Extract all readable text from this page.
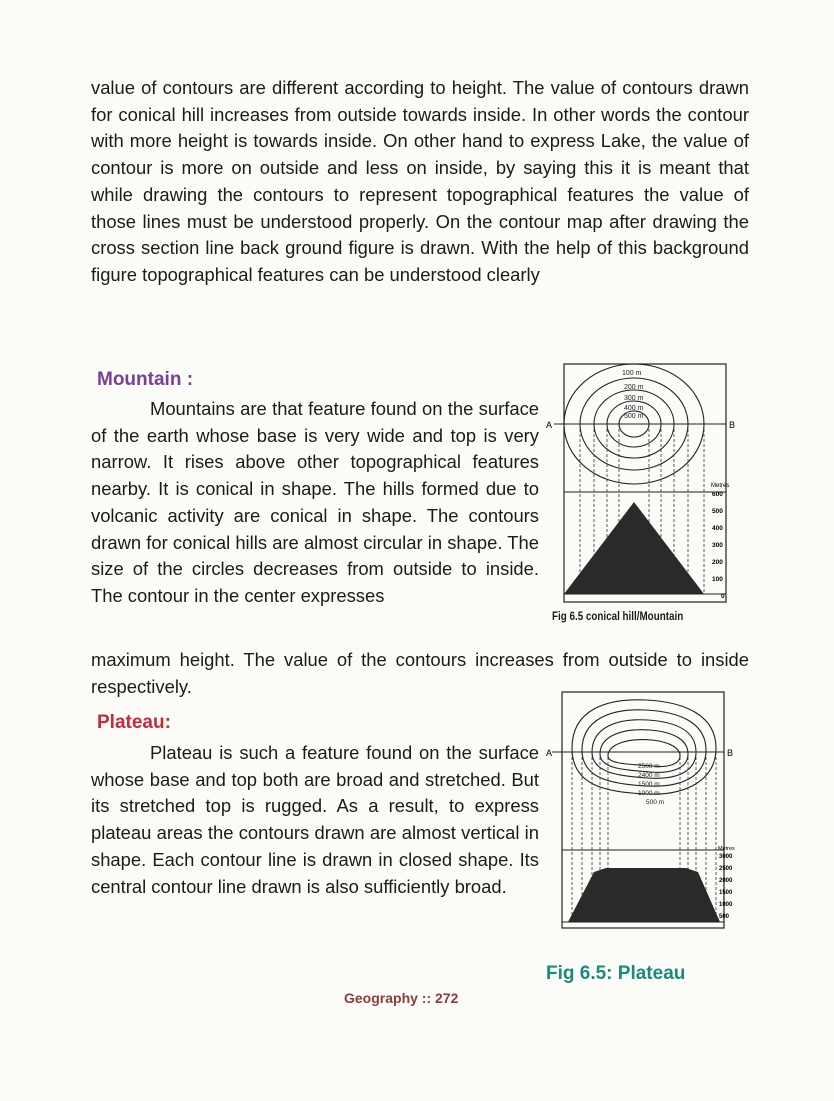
value of contours are different according to height. The value of contours drawn for conical hill increases from outside towards inside. In other words the contour with more height is towards inside. On other hand to express Lake, the value of contour is more on outside and less on inside, by saying this it is meant that while drawing the contours to represent topographical features the value of those lines must be understood properly. On the contour map after drawing the cross section line back ground figure is drawn. With the help of this background figure topographical features can be understood clearly

Mountain :

Mountains are that feature found on the surface of the earth whose base is very wide and top is very narrow. It rises above other topographical features nearby. It is conical in shape. The hills formed due to volcanic activity are conical in shape. The contours drawn for conical hills are almost circular in shape. The size of the circles decreases from outside to inside. The contour in the center expresses

maximum height. The value of the contours increases from outside to inside respectively.

A	B
100 m
200 m
300 m
400 m
500 m
Metres
600
500
400
300
200
100
0
Fig 6.5 conical hill/Mountain
Plateau:

Plateau is such a feature found on the surface whose base and top both are broad and stretched. But its stretched top is rugged. As a result, to express plateau areas the contours drawn are almost vertical in shape. Each contour line is drawn in closed shape. Its central contour line drawn is also sufficiently broad.

A	B
2500 m
2400 m
1500 m
1000 m
500 m
Metres
3000
2500
2000
1500
1000
500
Fig 6.5: Plateau
Geography :: 272
